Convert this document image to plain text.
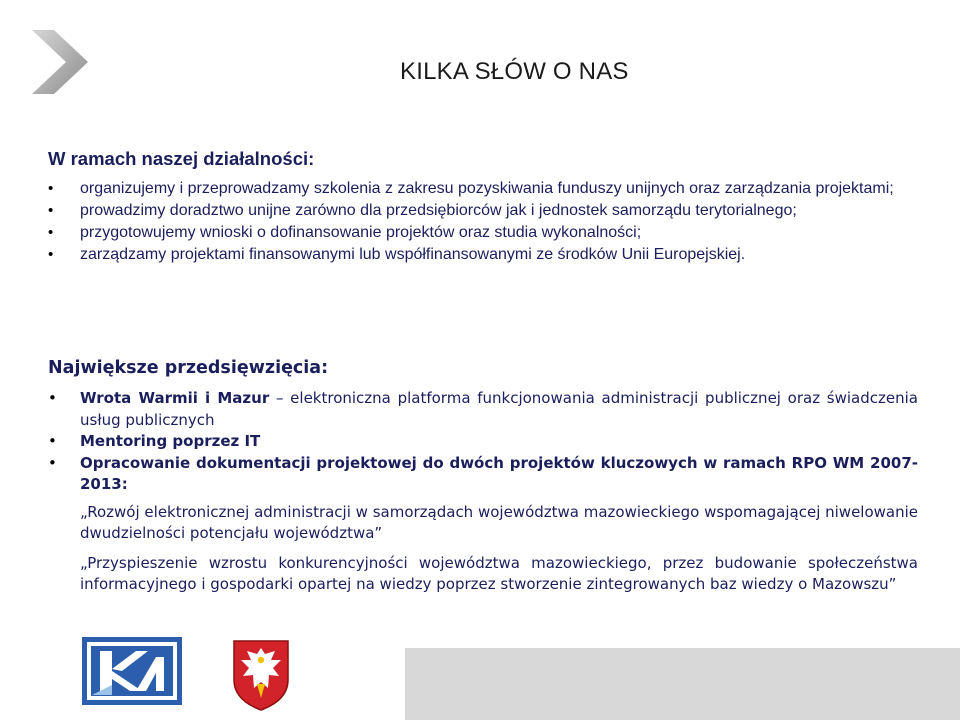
KILKA SŁÓW O NAS
W ramach naszej działalności:
• organizujemy i przeprowadzamy szkolenia z zakresu pozyskiwania funduszy unijnych oraz zarządzania projektami;
• prowadzimy doradztwo unijne zarówno dla przedsiębiorców jak i jednostek samorządu terytorialnego;
• przygotowujemy wnioski o dofinansowanie projektów oraz studia wykonalności;
• zarządzamy projektami finansowanymi lub współfinansowanymi ze środków Unii Europejskiej.
Największe przedsięwzięcia:
• Wrota Warmii i Mazur – elektroniczna platforma funkcjonowania administracji publicznej oraz świadczenia usług publicznych
• Mentoring poprzez IT
• Opracowanie dokumentacji projektowej do dwóch projektów kluczowych w ramach RPO WM 2007-2013:
„Rozwój elektronicznej administracji w samorządach województwa mazowieckiego wspomagającej niwelowanie dwudzielności potencjału województwa”
„Przyspieszenie wzrostu konkurencyjności województwa mazowieckiego, przez budowanie społeczeństwa informacyjnego i gospodarki opartej na wiedzy poprzez stworzenie zintegrowanych baz wiedzy o Mazowszu”
